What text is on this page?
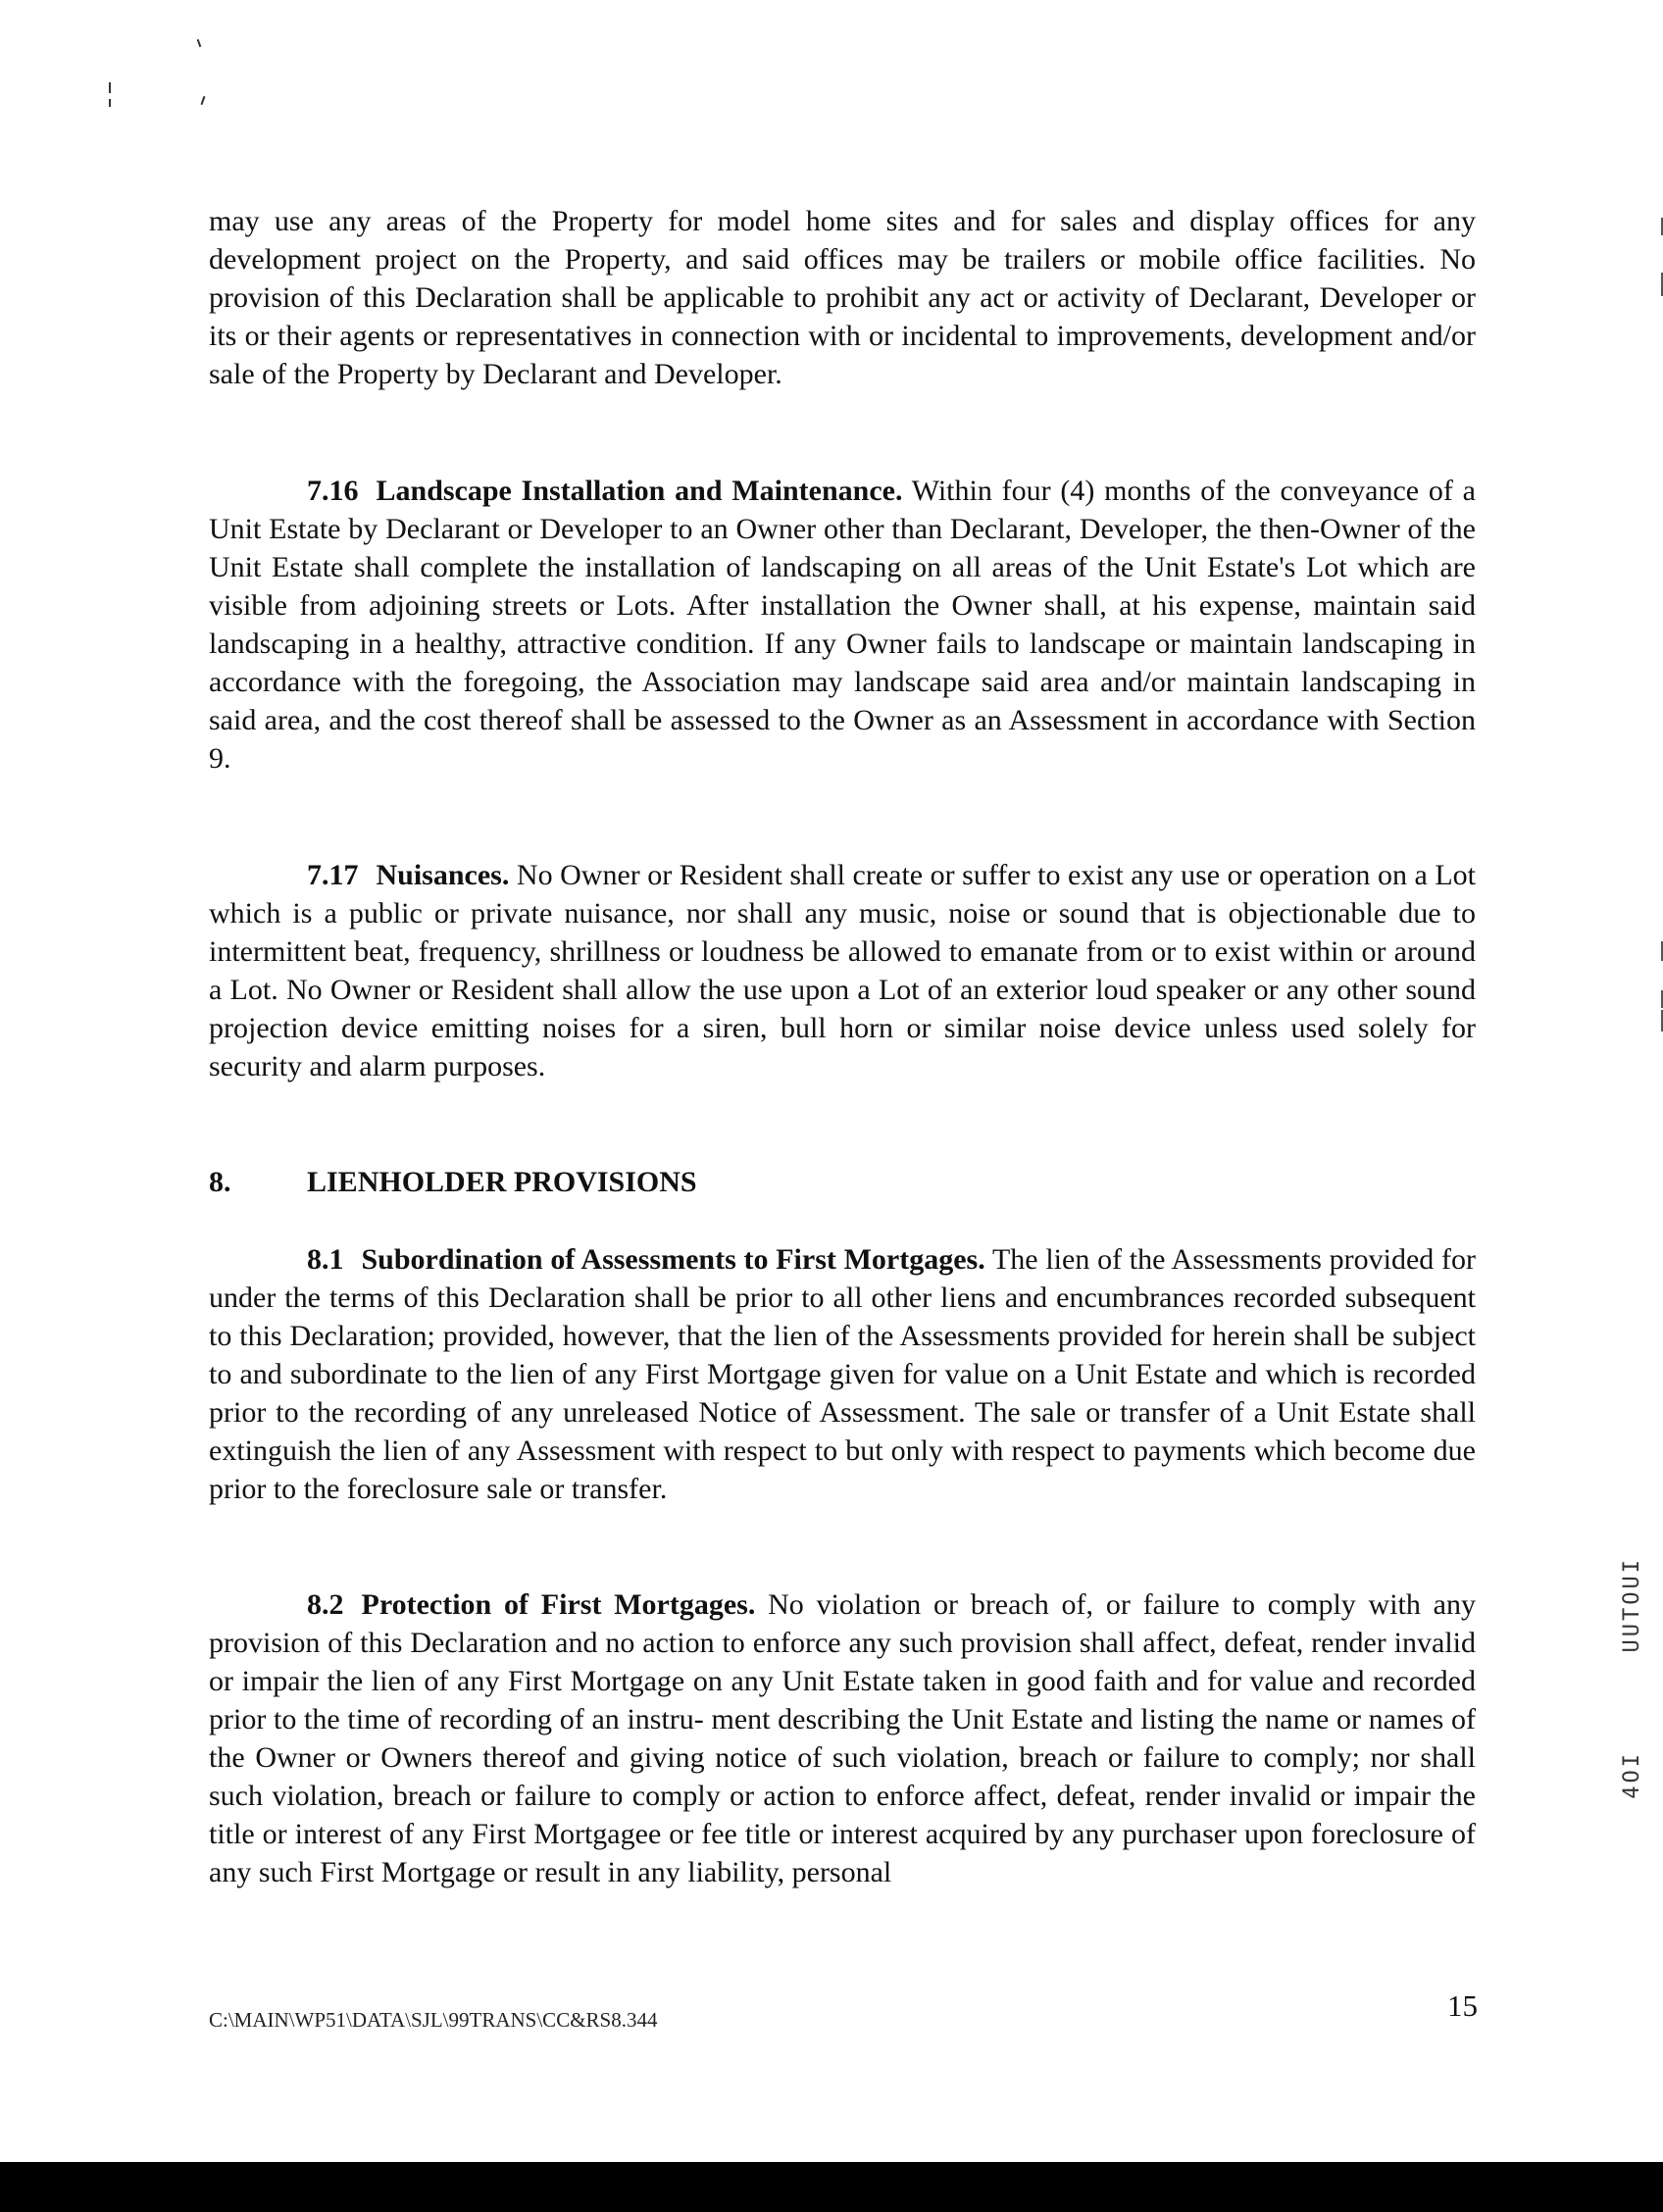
may use any areas of the Property for model home sites and for sales and display offices for any development project on the Property, and said offices may be trailers or mobile office facilities. No provision of this Declaration shall be applicable to prohibit any act or activity of Declarant, Developer or its or their agents or representatives in connection with or incidental to improvements, development and/or sale of the Property by Declarant and Developer.

7.16 Landscape Installation and Maintenance. Within four (4) months of the conveyance of a Unit Estate by Declarant or Developer to an Owner other than Declarant, Developer, the then-Owner of the Unit Estate shall complete the installation of landscaping on all areas of the Unit Estate's Lot which are visible from adjoining streets or Lots. After installation the Owner shall, at his expense, maintain said landscaping in a healthy, attractive condition. If any Owner fails to landscape or maintain landscaping in accordance with the foregoing, the Association may landscape said area and/or maintain landscaping in said area, and the cost thereof shall be assessed to the Owner as an Assessment in accordance with Section 9.

7.17 Nuisances. No Owner or Resident shall create or suffer to exist any use or operation on a Lot which is a public or private nuisance, nor shall any music, noise or sound that is objectionable due to intermittent beat, frequency, shrillness or loudness be allowed to emanate from or to exist within or around a Lot. No Owner or Resident shall allow the use upon a Lot of an exterior loud speaker or any other sound projection device emitting noises for a siren, bull horn or similar noise device unless used solely for security and alarm purposes.

8.	LIENHOLDER PROVISIONS

8.1 Subordination of Assessments to First Mortgages. The lien of the Assessments provided for under the terms of this Declaration shall be prior to all other liens and encumbrances recorded subsequent to this Declaration; provided, however, that the lien of the Assessments provided for herein shall be subject to and subordinate to the lien of any First Mortgage given for value on a Unit Estate and which is recorded prior to the recording of any unreleased Notice of Assessment. The sale or transfer of a Unit Estate shall extinguish the lien of any Assessment with respect to but only with respect to payments which become due prior to the foreclosure sale or transfer.

8.2 Protection of First Mortgages. No violation or breach of, or failure to comply with any provision of this Declaration and no action to enforce any such provision shall affect, defeat, render invalid or impair the lien of any First Mortgage on any Unit Estate taken in good faith and for value and recorded prior to the time of recording of an instru- ment describing the Unit Estate and listing the name or names of the Owner or Owners thereof and giving notice of such violation, breach or failure to comply; nor shall such violation, breach or failure to comply or action to enforce affect, defeat, render invalid or impair the title or interest of any First Mortgagee or fee title or interest acquired by any purchaser upon foreclosure of any such First Mortgage or result in any liability, personal

UUTOUI
4OI
C:\MAIN\WP51\DATA\SJL\99TRANS\CC&RS8.344	15
